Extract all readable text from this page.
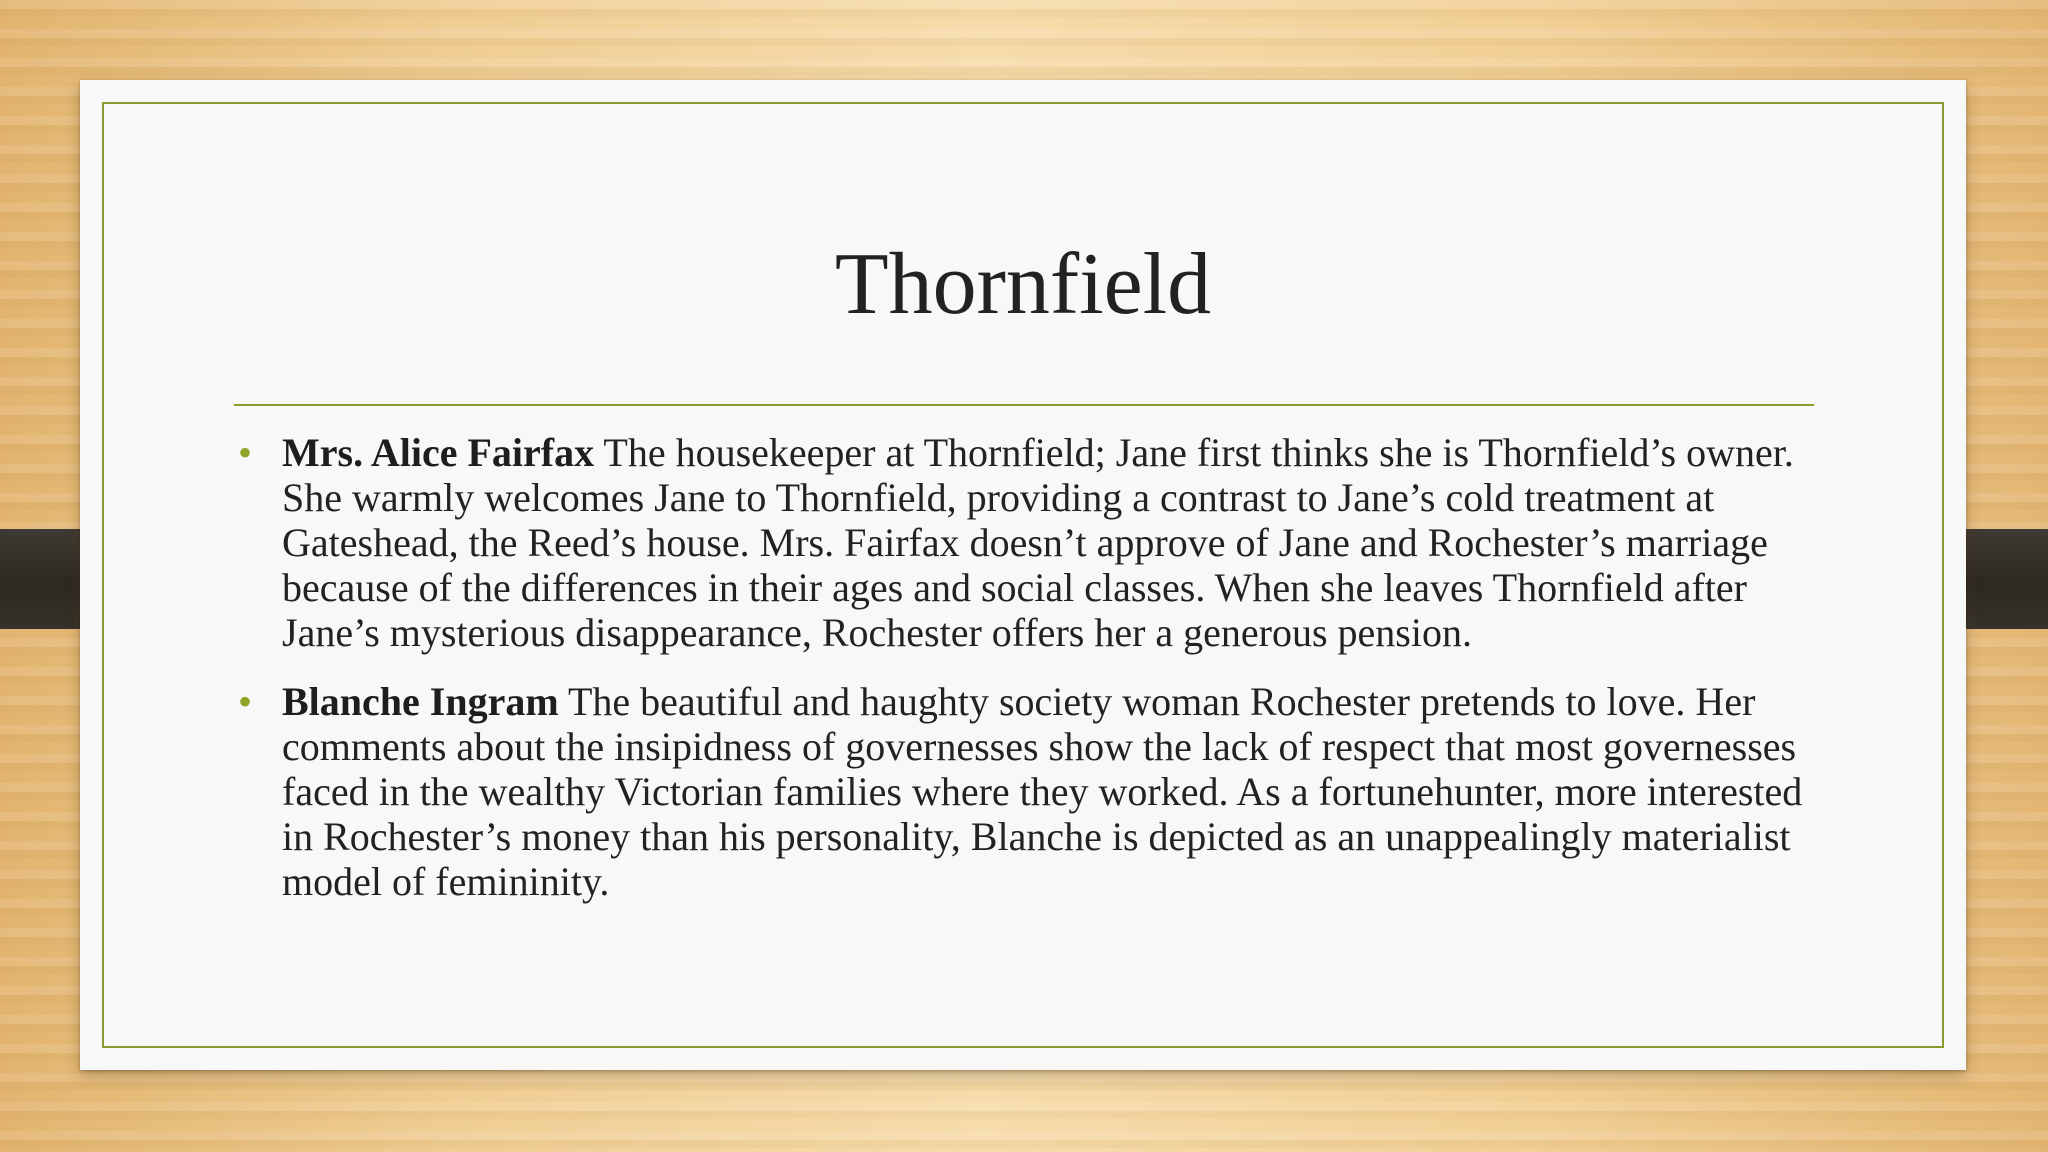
Thornfield
• Mrs. Alice Fairfax The housekeeper at Thornfield; Jane first thinks she is Thornfield’s owner. She warmly welcomes Jane to Thornfield, providing a contrast to Jane’s cold treatment at Gateshead, the Reed’s house. Mrs. Fairfax doesn’t approve of Jane and Rochester’s marriage because of the differences in their ages and social classes. When she leaves Thornfield after Jane’s mysterious disappearance, Rochester offers her a generous pension.
• Blanche Ingram The beautiful and haughty society woman Rochester pretends to love. Her comments about the insipidness of governesses show the lack of respect that most governesses faced in the wealthy Victorian families where they worked. As a fortunehunter, more interested in Rochester’s money than his personality, Blanche is depicted as an unappealingly materialist model of femininity.
